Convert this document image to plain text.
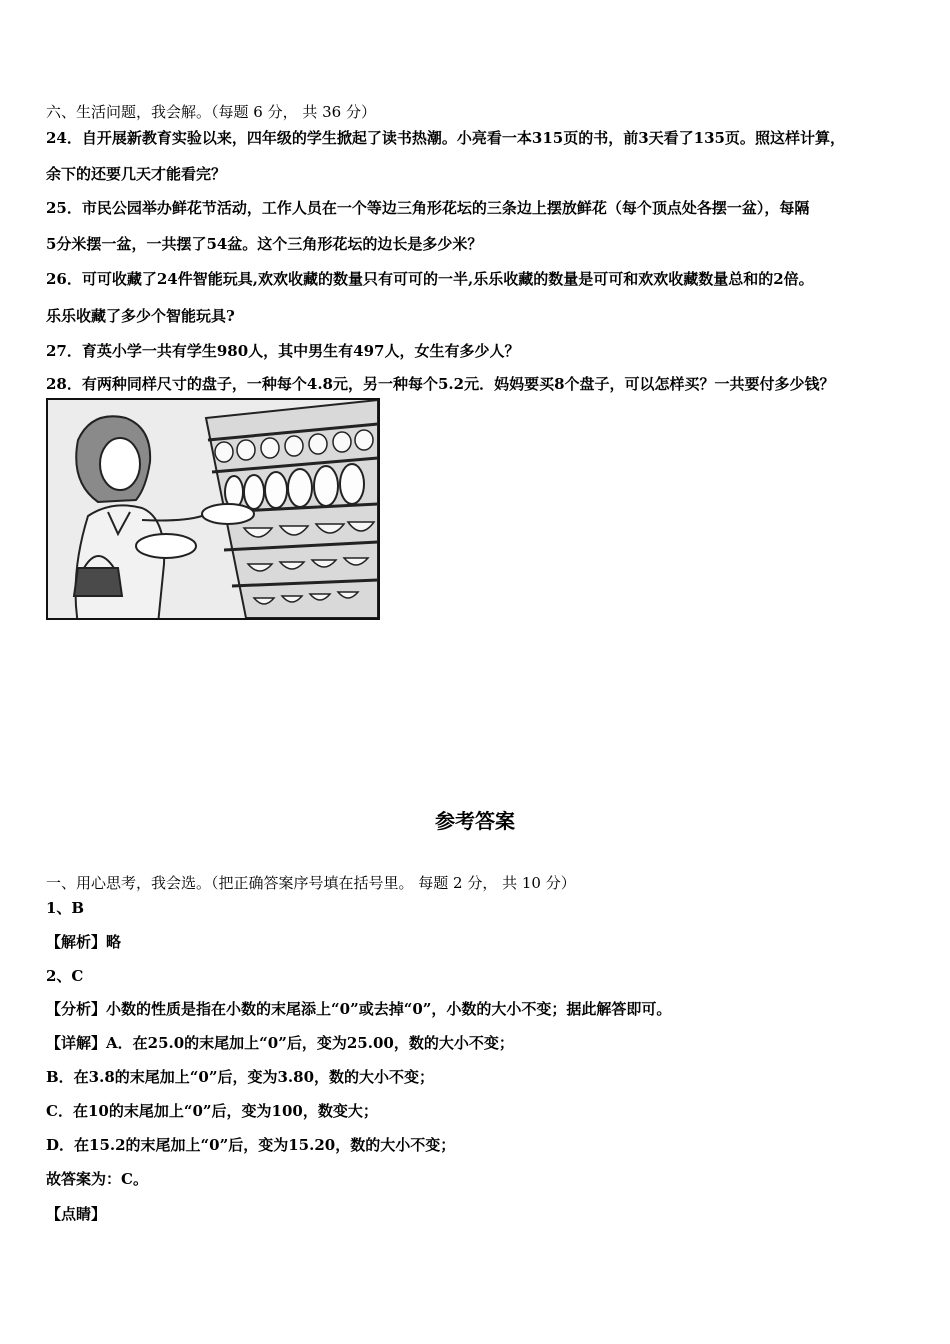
六、生活问题，我会解。（每题 6 分， 共 36 分）
24．自开展新教育实验以来，四年级的学生掀起了读书热潮。小亮看一本315页的书，前3天看了135页。照这样计算，
余下的还要几天才能看完？
25．市民公园举办鲜花节活动，工作人员在一个等边三角形花坛的三条边上摆放鲜花（每个顶点处各摆一盆），每隔
5分米摆一盆，一共摆了54盆。这个三角形花坛的边长是多少米？
26．可可收藏了24件智能玩具,欢欢收藏的数量只有可可的一半,乐乐收藏的数量是可可和欢欢收藏数量总和的2倍。
乐乐收藏了多少个智能玩具?
27．育英小学一共有学生980人，其中男生有497人，女生有多少人？
28．有两种同样尺寸的盘子，一种每个4.8元，另一种每个5.2元．妈妈要买8个盘子，可以怎样买？一共要付多少钱？
参考答案
一、用心思考，我会选。（把正确答案序号填在括号里。 每题 2 分， 共 10 分）
1、B
【解析】略
2、C
【分析】小数的性质是指在小数的末尾添上“0”或去掉“0”，小数的大小不变；据此解答即可。
【详解】A．在25.0的末尾加上“0”后，变为25.00，数的大小不变；
B．在3.8的末尾加上“0”后，变为3.80，数的大小不变；
C．在10的末尾加上“0”后，变为100，数变大；
D．在15.2的末尾加上“0”后，变为15.20，数的大小不变；
故答案为：C。
【点睛】
